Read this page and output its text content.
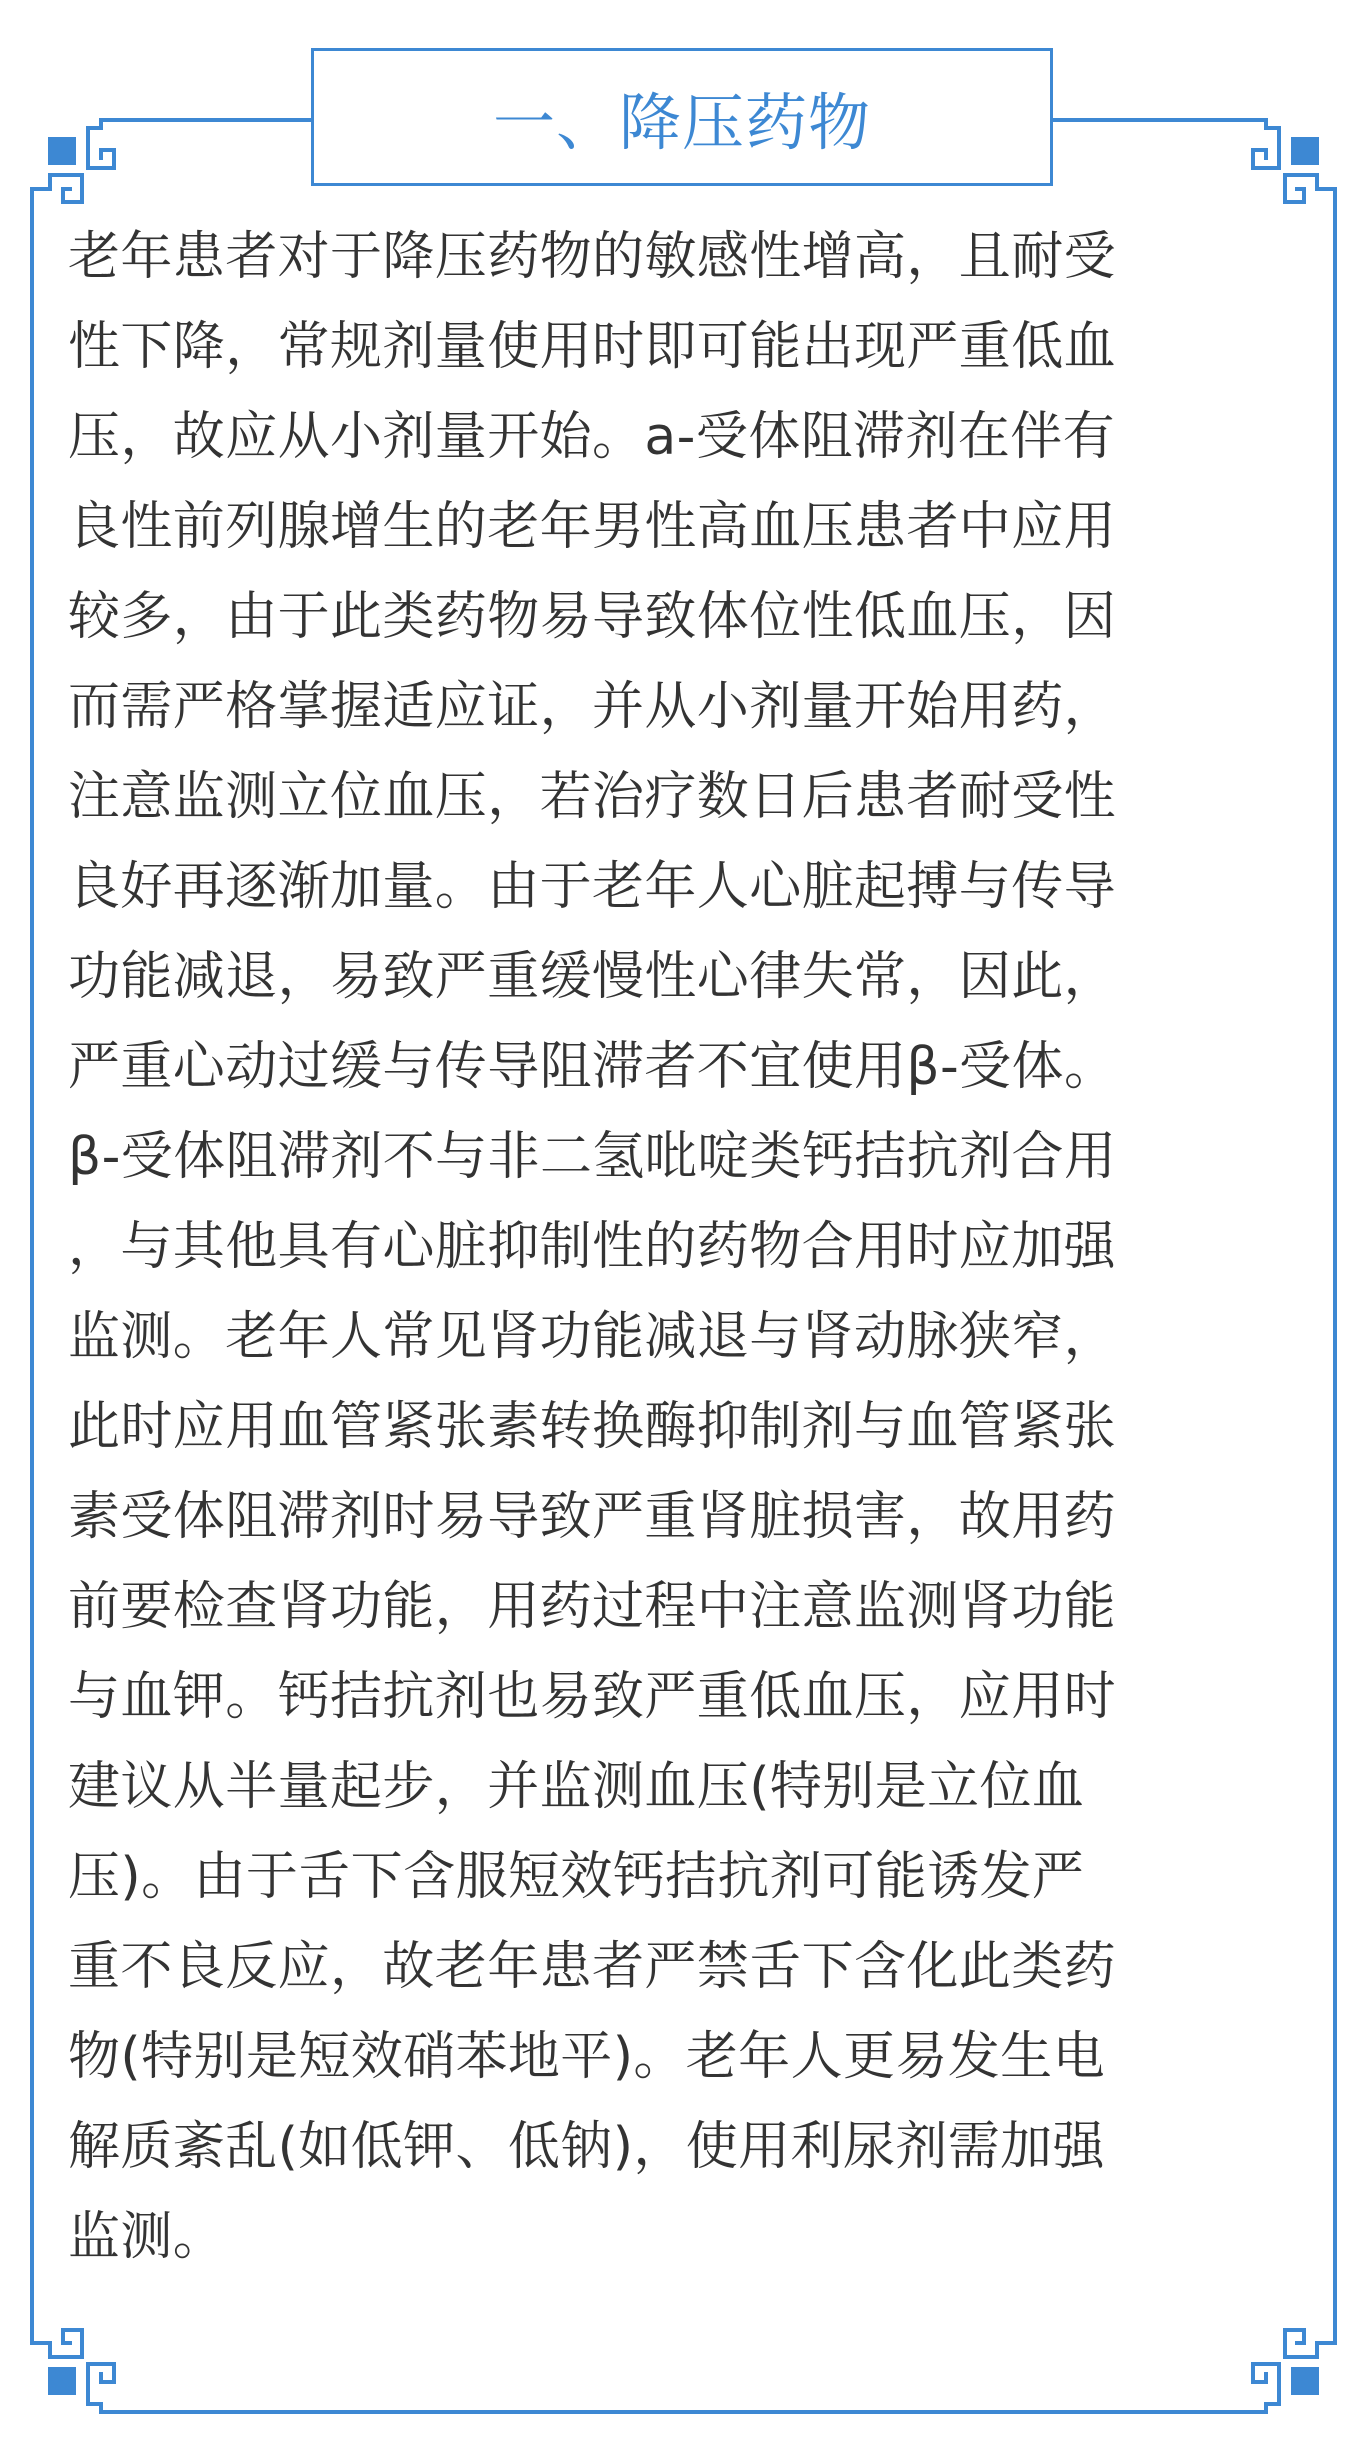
一、降压药物
老年患者对于降压药物的敏感性增高，且耐受
性下降，常规剂量使用时即可能出现严重低血
压，故应从小剂量开始。a-受体阻滞剂在伴有
良性前列腺增生的老年男性高血压患者中应用
较多，由于此类药物易导致体位性低血压，因
而需严格掌握适应证，并从小剂量开始用药，
注意监测立位血压，若治疗数日后患者耐受性
良好再逐渐加量。由于老年人心脏起搏与传导
功能减退，易致严重缓慢性心律失常，因此，
严重心动过缓与传导阻滞者不宜使用β-受体。
β-受体阻滞剂不与非二氢吡啶类钙拮抗剂合用
，与其他具有心脏抑制性的药物合用时应加强
监测。老年人常见肾功能减退与肾动脉狭窄，
此时应用血管紧张素转换酶抑制剂与血管紧张
素受体阻滞剂时易导致严重肾脏损害，故用药
前要检查肾功能，用药过程中注意监测肾功能
与血钾。钙拮抗剂也易致严重低血压，应用时
建议从半量起步，并监测血压(特别是立位血
压)。由于舌下含服短效钙拮抗剂可能诱发严
重不良反应，故老年患者严禁舌下含化此类药
物(特别是短效硝苯地平)。老年人更易发生电
解质紊乱(如低钾、低钠)，使用利尿剂需加强
监测。
